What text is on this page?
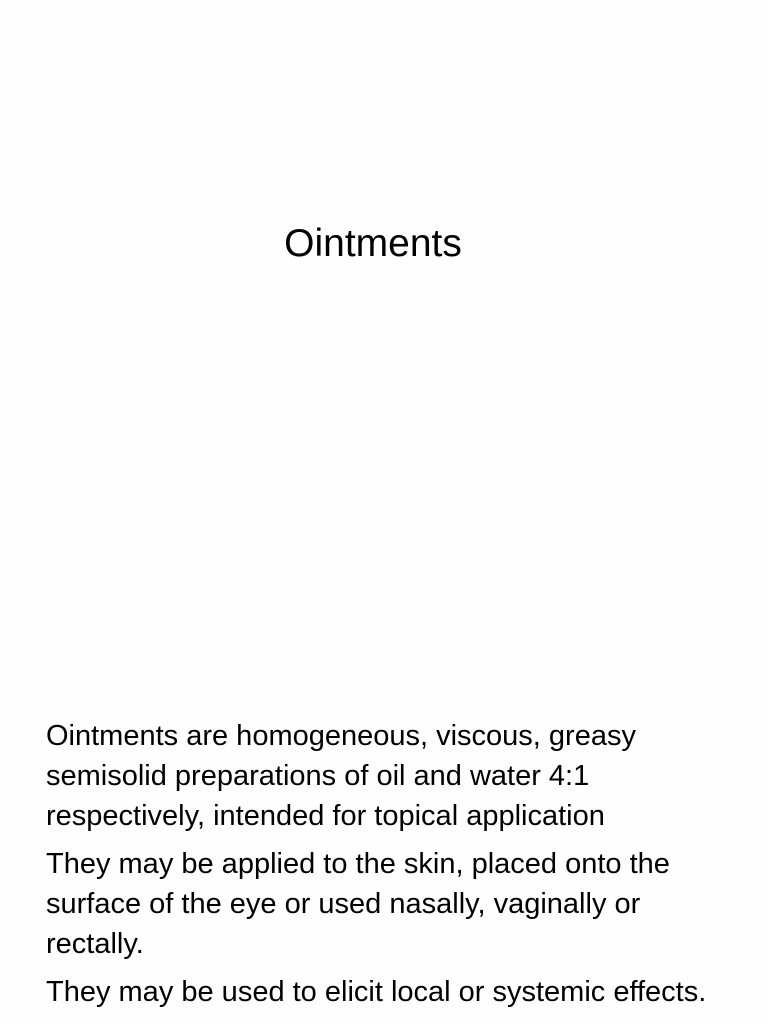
Ointments
Ointments are homogeneous, viscous, greasy semisolid preparations of oil and water 4:1 respectively, intended for topical application
They may be applied to the skin, placed onto the surface of the eye or used nasally, vaginally or rectally.
They may be used to elicit local or systemic effects.
